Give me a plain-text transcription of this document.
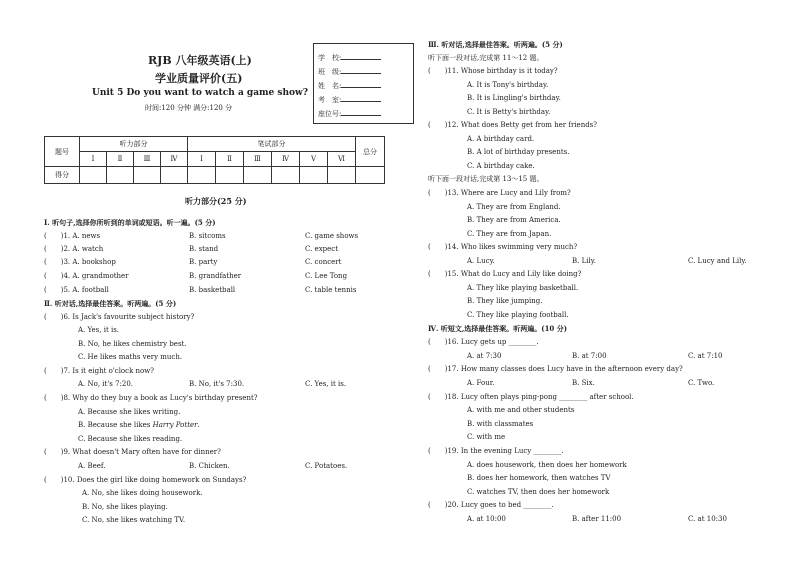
RJB 八年级英语(上)
学业质量评价(五)
Unit 5 Do you want to watch a game show?
时间:120 分钟 满分:120 分
学　校:
班　级:
姓　名:
考　室:
座位号:
题号	听力部分				笔试部分						总分
	Ⅰ	Ⅱ	Ⅲ	Ⅳ	Ⅰ	Ⅱ	Ⅲ	Ⅳ	Ⅴ	Ⅵ	
得分											
听力部分(25 分)
Ⅰ. 听句子,选择你所听到的单词或短语。听一遍。(5 分)
(　　)1. A. news	B. sitcoms	C. game shows
(　　)2. A. watch	B. stand	C. expect
(　　)3. A. bookshop	B. party	C. concert
(　　)4. A. grandmother	B. grandfather	C. Lee Tong
(　　)5. A. football	B. basketball	C. table tennis
Ⅱ. 听对话,选择最佳答案。听两遍。(5 分)
(　　)6. Is Jack's favourite subject history?
A. Yes, it is.
B. No, he likes chemistry best.
C. He likes maths very much.
(　　)7. Is it eight o'clock now?
A. No, it's 7:20.	B. No, it's 7:30.	C. Yes, it is.
(　　)8. Why do they buy a book as Lucy's birthday present?
A. Because she likes writing.
B. Because she likes Harry Potter.
C. Because she likes reading.
(　　)9. What doesn't Mary often have for dinner?
A. Beef.	B. Chicken.	C. Potatoes.
(　　)10. Does the girl like doing homework on Sundays?
A. No, she likes doing housework.
B. No, she likes playing.
C. No, she likes watching TV.
Ⅲ. 听对话,选择最佳答案。听两遍。(5 分)
听下面一段对话,完成第 11～12 题。
(　　)11. Whose birthday is it today?
A. It is Tony's birthday.
B. It is Lingling's birthday.
C. It is Betty's birthday.
(　　)12. What does Betty get from her friends?
A. A birthday card.
B. A lot of birthday presents.
C. A birthday cake.
听下面一段对话,完成第 13～15 题。
(　　)13. Where are Lucy and Lily from?
A. They are from England.
B. They are from America.
C. They are from Japan.
(　　)14. Who likes swimming very much?
A. Lucy.	B. Lily.	C. Lucy and Lily.
(　　)15. What do Lucy and Lily like doing?
A. They like playing basketball.
B. They like jumping.
C. They like playing football.
Ⅳ. 听短文,选择最佳答案。听两遍。(10 分)
(　　)16. Lucy gets up ________.
A. at 7:30	B. at 7:00	C. at 7:10
(　　)17. How many classes does Lucy have in the afternoon every day?
A. Four.	B. Six.	C. Two.
(　　)18. Lucy often plays ping-pong ________ after school.
A. with me and other students
B. with classmates
C. with me
(　　)19. In the evening Lucy ________.
A. does housework, then does her homework
B. does her homework, then watches TV
C. watches TV, then does her homework
(　　)20. Lucy goes to bed ________.
A. at 10:00	B. after 11:00	C. at 10:30
